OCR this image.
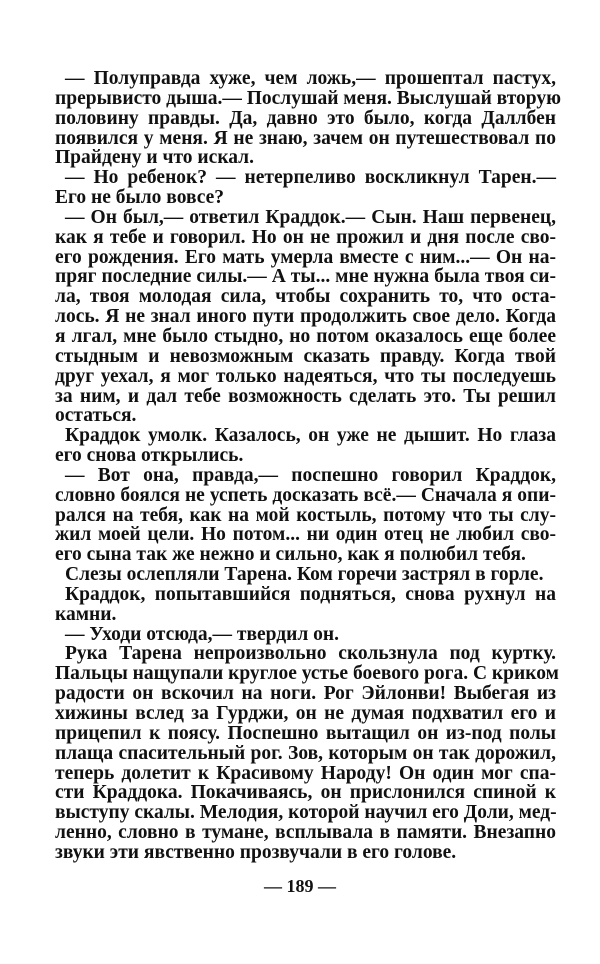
— Полуправда хуже, чем ложь,— прошептал пастух,
прерывисто дыша.— Послушай меня. Выслушай вторую
половину правды. Да, давно это было, когда Даллбен
появился у меня. Я не знаю, зачем он путешествовал по
Прайдену и что искал.
— Но ребенок? — нетерпеливо воскликнул Тарен.—
Его не было вовсе?
— Он был,— ответил Краддок.— Сын. Наш первенец,
как я тебе и говорил. Но он не прожил и дня после сво-
его рождения. Его мать умерла вместе с ним...— Он на-
пряг последние силы.— А ты... мне нужна была твоя си-
ла, твоя молодая сила, чтобы сохранить то, что оста-
лось. Я не знал иного пути продолжить свое дело. Когда
я лгал, мне было стыдно, но потом оказалось еще более
стыдным и невозможным сказать правду. Когда твой
друг уехал, я мог только надеяться, что ты последуешь
за ним, и дал тебе возможность сделать это. Ты решил
остаться.
Краддок умолк. Казалось, он уже не дышит. Но глаза
его снова открылись.
— Вот она, правда,— поспешно говорил Краддок,
словно боялся не успеть досказать всё.— Сначала я опи-
рался на тебя, как на мой костыль, потому что ты слу-
жил моей цели. Но потом... ни один отец не любил сво-
его сына так же нежно и сильно, как я полюбил тебя.
Слезы ослепляли Тарена. Ком горечи застрял в горле.
Краддок, попытавшийся подняться, снова рухнул на
камни.
— Уходи отсюда,— твердил он.
Рука Тарена непроизвольно скользнула под куртку.
Пальцы нащупали круглое устье боевого рога. С криком
радости он вскочил на ноги. Рог Эйлонви! Выбегая из
хижины вслед за Гурджи, он не думая подхватил его и
прицепил к поясу. Поспешно вытащил он из-под полы
плаща спасительный рог. Зов, которым он так дорожил,
теперь долетит к Красивому Народу! Он один мог спа-
сти Краддока. Покачиваясь, он прислонился спиной к
выступу скалы. Мелодия, которой научил его Доли, мед-
ленно, словно в тумане, всплывала в памяти. Внезапно
звуки эти явственно прозвучали в его голове.
— 189 —
